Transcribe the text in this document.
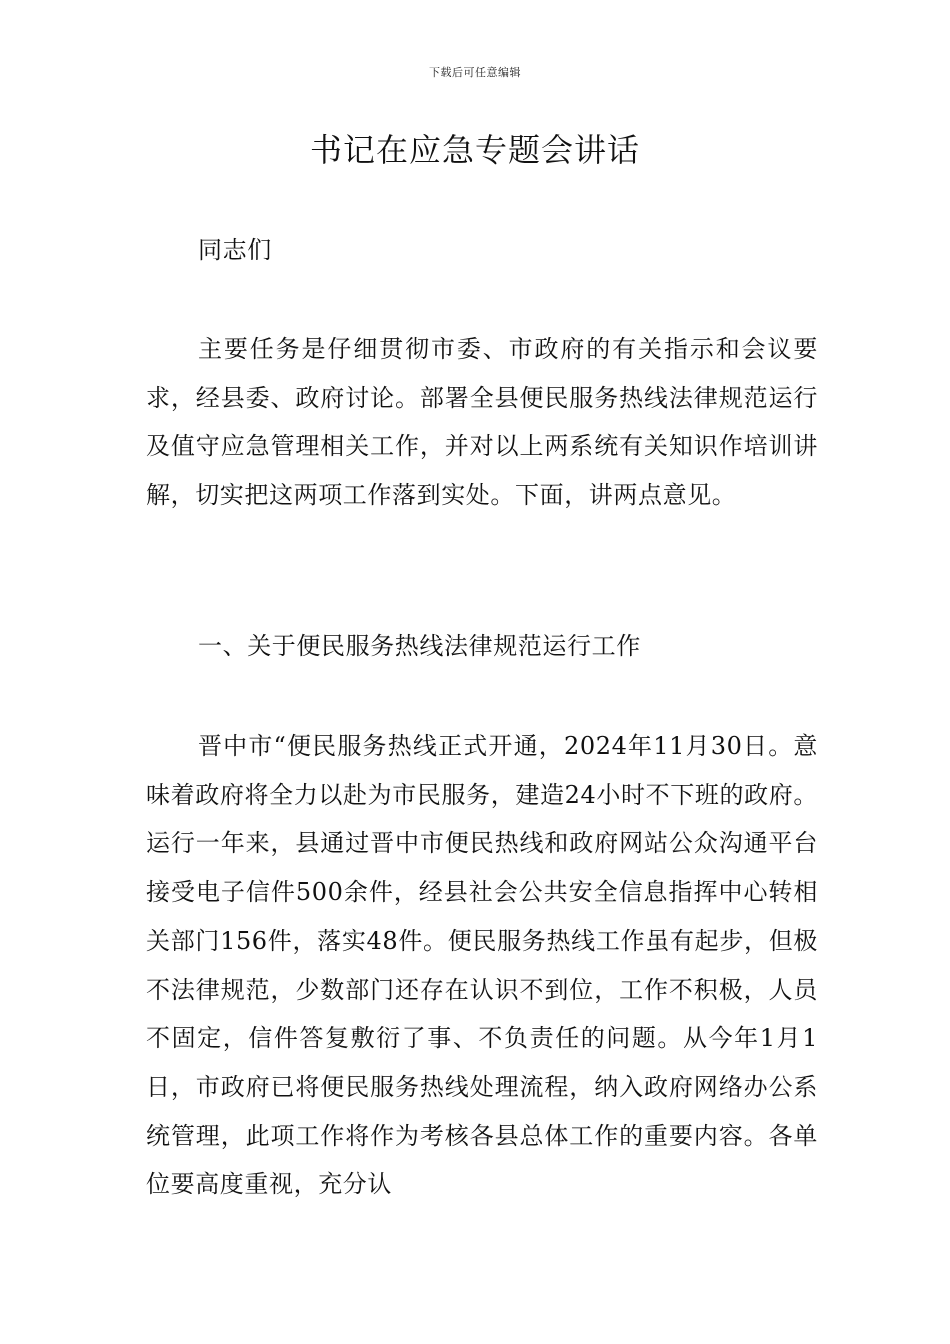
下载后可任意编辑
书记在应急专题会讲话

同志们

主要任务是仔细贯彻市委、市政府的有关指示和会议要求，经县委、政府讨论。部署全县便民服务热线法律规范运行及值守应急管理相关工作，并对以上两系统有关知识作培训讲解，切实把这两项工作落到实处。下面，讲两点意见。

一、关于便民服务热线法律规范运行工作

晋中市“便民服务热线正式开通，2024年11月30日。意味着政府将全力以赴为市民服务，建造24小时不下班的政府。运行一年来，县通过晋中市便民热线和政府网站公众沟通平台接受电子信件500余件，经县社会公共安全信息指挥中心转相关部门156件，落实48件。便民服务热线工作虽有起步，但极不法律规范，少数部门还存在认识不到位，工作不积极，人员不固定，信件答复敷衍了事、不负责任的问题。从今年1月1日，市政府已将便民服务热线处理流程，纳入政府网络办公系统管理，此项工作将作为考核各县总体工作的重要内容。各单位要高度重视，充分认
